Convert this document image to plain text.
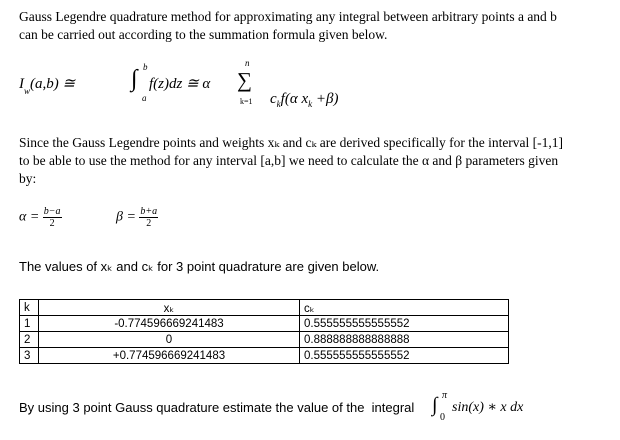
Gauss Legendre quadrature method for approximating any integral between arbitrary points a and b
can be carried out according to the summation formula given below.
$I_w(a,b)$ ≅ ∫ b
a
f(z)dz ≅ α ∑
n
k=1	$c_kf(\alpha$ $x_k +\beta$)

Since the Gauss Legendre points and weights xₖ and cₖ are derived specifically for the interval [-1,1]
to be able to use the method for any interval [a,b] we need to calculate the α and β parameters given
by:
$\alpha = \frac{b-a}{2}$	$\beta = \frac{b+a}{2}$
The values of xₖ and cₖ for 3 point quadrature are given below.
k	xₖ	cₖ
1	-0.774596669241483	0.555555555555552
2	0	0.888888888888888
3	+0.774596669241483	0.555555555555552
By using 3 point Gauss quadrature estimate the value of the  integral ∫ π
0
sin(x) ∗ x dx
